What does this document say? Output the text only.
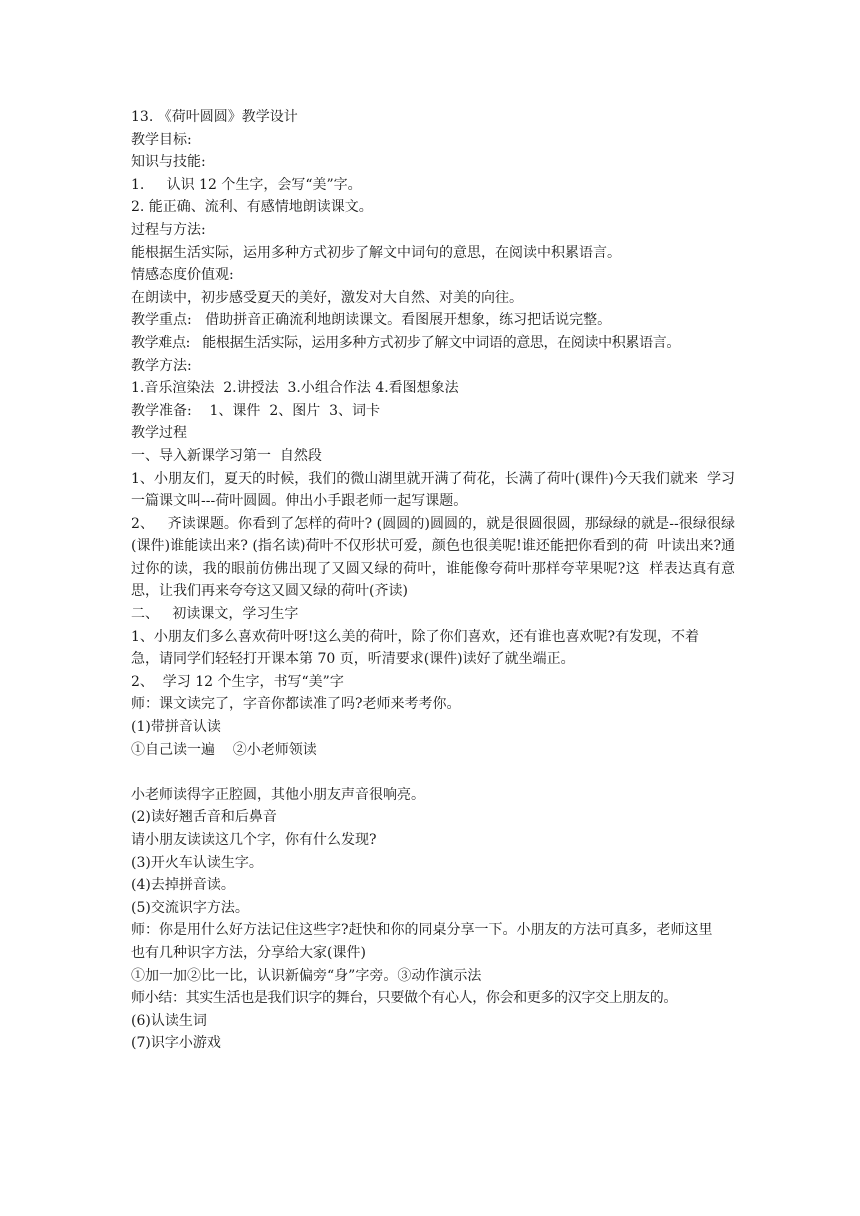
13. 《荷叶圆圆》教学设计
教学目标:
知识与技能:
1.     认识 12 个生字，会写“美”字。
2. 能正确、流利、有感情地朗读课文。
过程与方法:
能根据生活实际，运用多种方式初步了解文中词句的意思，在阅读中积累语言。
情感态度价值观:
在朗读中，初步感受夏天的美好，激发对大自然、对美的向往。
教学重点:   借助拼音正确流利地朗读课文。看图展开想象，练习把话说完整。
教学难点:   能根据生活实际，运用多种方式初步了解文中词语的意思，在阅读中积累语言。
教学方法:
1.音乐渲染法  2.讲授法  3.小组合作法 4.看图想象法
教学准备:    1、课件  2、图片  3、词卡
教学过程
一、导入新课学习第一  自然段
1、小朋友们，夏天的时候，我们的微山湖里就开满了荷花，长满了荷叶(课件)今天我们就来  学习一篇课文叫---荷叶圆圆。伸出小手跟老师一起写课题。
2、   齐读课题。你看到了怎样的荷叶? (圆圆的)圆圆的，就是很圆很圆，那绿绿的就是--很绿很绿(课件)谁能读出来? (指名读)荷叶不仅形状可爱，颜色也很美呢!谁还能把你看到的荷  叶读出来?通过你的读，我的眼前仿佛出现了又圆又绿的荷叶，谁能像夸荷叶那样夸苹果呢?这  样表达真有意思，让我们再来夸夸这又圆又绿的荷叶(齐读)
二、   初读课文，学习生字
1、小朋友们多么喜欢荷叶呀!这么美的荷叶，除了你们喜欢，还有谁也喜欢呢?有发现，不着
急，请同学们轻轻打开课本第 70 页，听清要求(课件)读好了就坐端正。
2、  学习 12 个生字，书写“美”字
师：课文读完了，字音你都读准了吗?老师来考考你。
(1)带拼音认读
①自己读一遍    ②小老师领读
小老师读得字正腔圆，其他小朋友声音很响亮。
(2)读好翘舌音和后鼻音
请小朋友读读这几个字，你有什么发现?
(3)开火车认读生字。
(4)去掉拼音读。
(5)交流识字方法。
师：你是用什么好方法记住这些字?赶快和你的同桌分享一下。小朋友的方法可真多，老师这里
也有几种识字方法，分享给大家(课件)
①加一加②比一比，认识新偏旁“身”字旁。③动作演示法
师小结：其实生活也是我们识字的舞台，只要做个有心人，你会和更多的汉字交上朋友的。
(6)认读生词
(7)识字小游戏
